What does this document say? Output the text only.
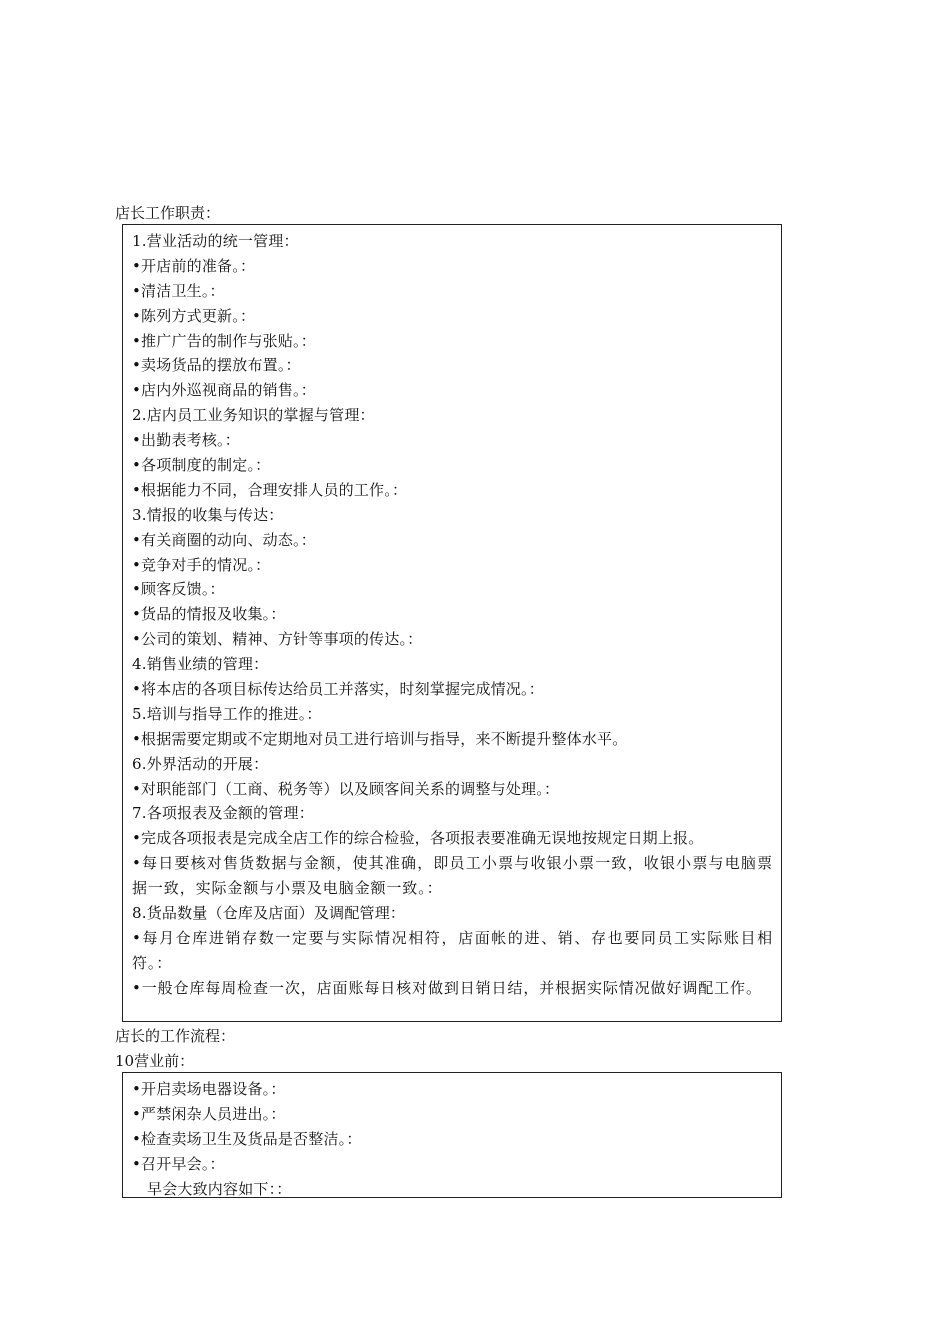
店长工作职责：
1.营业活动的统一管理：
•开店前的准备。：
•清洁卫生。：
•陈列方式更新。：
•推广广告的制作与张贴。：
•卖场货品的摆放布置。：
•店内外巡视商品的销售。：
2.店内员工业务知识的掌握与管理：
•出勤表考核。：
•各项制度的制定。：
•根据能力不同，合理安排人员的工作。：
3.情报的收集与传达：
•有关商圈的动向、动态。：
•竞争对手的情况。：
•顾客反馈。：
•货品的情报及收集。：
•公司的策划、精神、方针等事项的传达。：
4.销售业绩的管理：
•将本店的各项目标传达给员工并落实，时刻掌握完成情况。：
5.培训与指导工作的推进。：
•根据需要定期或不定期地对员工进行培训与指导，来不断提升整体水平。
6.外界活动的开展：
•对职能部门（工商、税务等）以及顾客间关系的调整与处理。：
7.各项报表及金额的管理：
•完成各项报表是完成全店工作的综合检验，各项报表要准确无误地按规定日期上报。
•每日要核对售货数据与金额，使其准确，即员工小票与收银小票一致，收银小票与电脑票据一致，实际金额与小票及电脑金额一致。：
8.货品数量（仓库及店面）及调配管理：
•每月仓库进销存数一定要与实际情况相符，店面帐的进、销、存也要同员工实际账目相符。：
•一般仓库每周检查一次，店面账每日核对做到日销日结，并根据实际情况做好调配工作。
店长的工作流程：
10营业前：
•开启卖场电器设备。：
•严禁闲杂人员进出。：
•检查卖场卫生及货品是否整洁。：
•召开早会。：
早会大致内容如下：：
